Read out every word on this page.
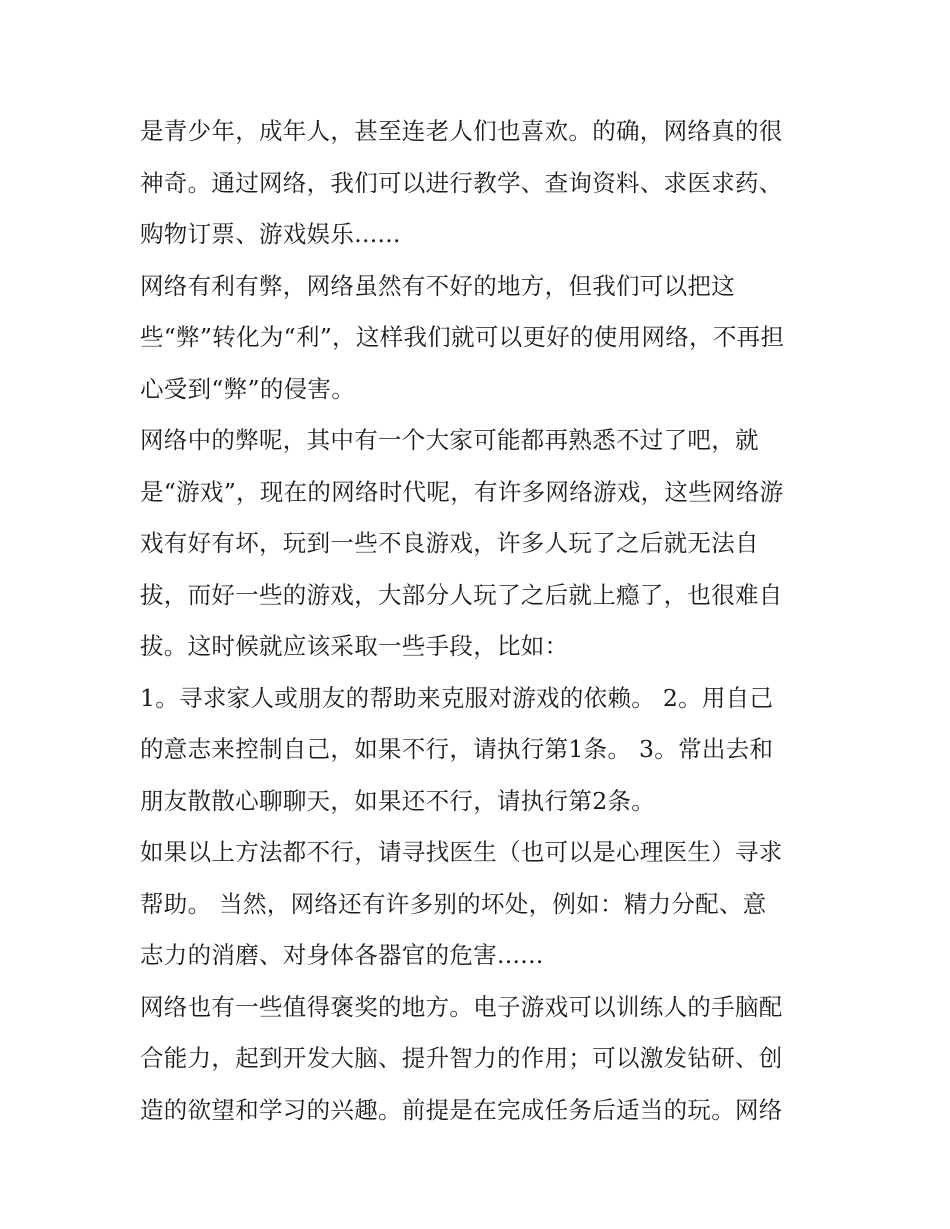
是青少年，成年人，甚至连老人们也喜欢。的确，网络真的很
神奇。通过网络，我们可以进行教学、查询资料、求医求药、
购物订票、游戏娱乐......
网络有利有弊，网络虽然有不好的地方，但我们可以把这
些“弊”转化为“利”，这样我们就可以更好的使用网络，不再担
心受到“弊”的侵害。
网络中的弊呢，其中有一个大家可能都再熟悉不过了吧，就
是“游戏”，现在的网络时代呢，有许多网络游戏，这些网络游
戏有好有坏，玩到一些不良游戏，许多人玩了之后就无法自
拔，而好一些的游戏，大部分人玩了之后就上瘾了，也很难自
拔。这时候就应该采取一些手段，比如：
1。寻求家人或朋友的帮助来克服对游戏的依赖。 2。用自己
的意志来控制自己，如果不行，请执行第1条。 3。常出去和
朋友散散心聊聊天，如果还不行，请执行第2条。
如果以上方法都不行，请寻找医生（也可以是心理医生）寻求
帮助。 当然，网络还有许多别的坏处，例如：精力分配、意
志力的消磨、对身体各器官的危害......
网络也有一些值得褒奖的地方。电子游戏可以训练人的手脑配
合能力，起到开发大脑、提升智力的作用；可以激发钻研、创
造的欲望和学习的兴趣。前提是在完成任务后适当的玩。网络
